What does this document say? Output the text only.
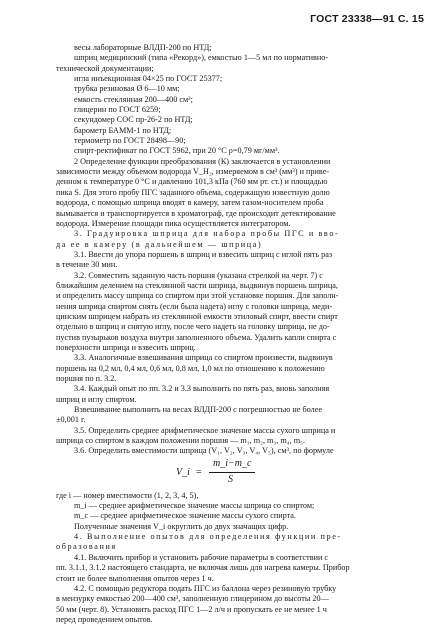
ГОСТ 23338—91 С. 15
весы лабораторные ВЛДП-200 по НТД;
шприц медицинский (типа «Рекорд»), емкостью 1—5 мл по нормативно-
технической документации;
игла инъекционная 04×25 по ГОСТ 25377;
трубка резиновая Ø 6—10 мм;
емкость стеклянная 200—400 см³;
глицерин по ГОСТ 6259;
секундомер СОС пр-26-2 по НТД;
барометр БАММ-1 по НТД;
термометр по ГОСТ 28498—90;
спирт-ректификат по ГОСТ 5962, при 20 °С ρ=0,79 мг/мм³.
2 Определение функции преобразования (К) заключается в установлении
зависимости между объемом водорода V_H₂, измеряемом в см³ (мм³) и приве-
денном к температуре 0 °С и давлению 101,3 кПа (760 мм рт. ст.) и площадью
пика S. Для этого пробу ПГС заданного объема, содержащую известную долю
водорода, с помощью шприца вводят в камеру, затем газом-носителем проба
вымывается и транспортируется в хроматограф, где происходит детектирование
водорода. Измерение площади пика осуществляется интегратором.
3. Градуировка шприца для набора пробы ПГС и вво-
да ее в камеру (в дальнейшем — шприца)
3.1. Ввести до упора поршень в шприц и взвесить шприц с иглой пять раз
в течение 30 мин.
3.2. Совместить заданную часть поршня (указана стрелкой на черт. 7) с
ближайшим делением на стеклянной части шприца, выдвинув поршень шприца,
и определить массу шприца со спиртом при этой установке поршня. Для заполн-
нения шприца спиртом снять (если была надета) иглу с головки шприца, меди-
цинским шприцем набрать из стеклянной емкости этиловый спирт, ввести спирт
отдельно в шприц и снятую иглу, после чего надеть на головку шприца, не до-
пустив пузырьков воздуха внутри заполненного объема. Удалить капли спирта с
поверхности шприца и взвесить шприц.
3.3. Аналогичные взвешивания шприца со спиртом произвести, выдвинув
поршень на 0,2 мл, 0,4 мл, 0,6 мл, 0,8 мл, 1,0 мл по отношению к положению
поршня по п. 3.2.
3.4. Каждый опыт по пп. 3.2 и 3.3 выполнить по пять раз, вновь заполняя
шприц и иглу спиртом.
Взвешивание выполнить на весах ВЛДП-200 с погрешностью не более
±0,001 г.
3.5. Определить среднее арифметическое значение массы сухого шприца и
шприца со спиртом в каждом положении поршня — m₁, m₂, m₃, m₄, m₅.
3.6. Определить вместимости шприца (V₁, V₂, V₃, V₄, V₅), см³, по формуле
V_i =
m_i−m_c
S
где i — номер вместимости (1, 2, 3, 4, 5),
m_i — среднее арифметическое значение массы шприца со спиртом;
m_c — среднее арифметическое значение массы сухого спирта.
Полученные значения V_i округлить до двух значащих цифр.
4. Выполнение опытов для определения функции пре-
образования
4.1. Включить прибор и установить рабочие параметры в соответствии с
пп. 3.1.1, 3.1.2 настоящего стандарта, не включая лишь для нагрева камеры. Прибор
стоит не более выполнения опытов через 1 ч.
4.2. С помощью редуктора подать ПГС из баллона через резиновую трубку
в мензурку емкостью 200—400 см³, заполненную глицерином до высоты 20—
50 мм (черт. 8). Установить расход ПГС 1—2 л/ч и пропускать ее не менее 1 ч
перед проведением опытов.
